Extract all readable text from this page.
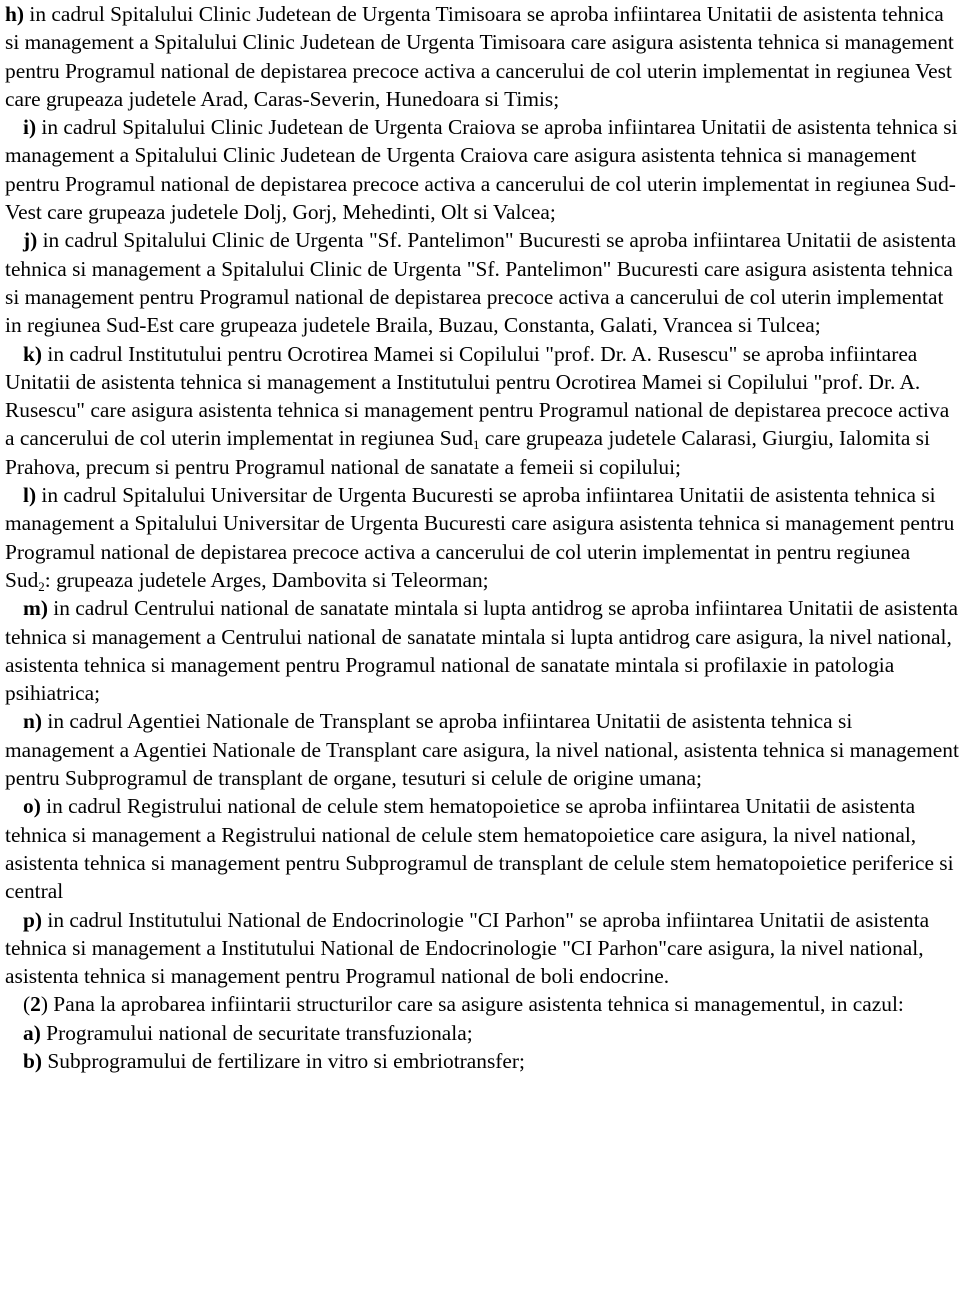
h) in cadrul Spitalului Clinic Judetean de Urgenta Timisoara se aproba infiintarea Unitatii de asistenta tehnica si management a Spitalului Clinic Judetean de Urgenta Timisoara care asigura asistenta tehnica si management pentru Programul national de depistarea precoce activa a cancerului de col uterin implementat in regiunea Vest care grupeaza judetele Arad, Caras-Severin, Hunedoara si Timis;

i) in cadrul Spitalului Clinic Judetean de Urgenta Craiova se aproba infiintarea Unitatii de asistenta tehnica si management a Spitalului Clinic Judetean de Urgenta Craiova care asigura asistenta tehnica si management pentru Programul national de depistarea precoce activa a cancerului de col uterin implementat in regiunea Sud-Vest care grupeaza judetele Dolj, Gorj, Mehedinti, Olt si Valcea;

j) in cadrul Spitalului Clinic de Urgenta "Sf. Pantelimon" Bucuresti se aproba infiintarea Unitatii de asistenta tehnica si management a Spitalului Clinic de Urgenta "Sf. Pantelimon" Bucuresti care asigura asistenta tehnica si management pentru Programul national de depistarea precoce activa a cancerului de col uterin implementat in regiunea Sud-Est care grupeaza judetele Braila, Buzau, Constanta, Galati, Vrancea si Tulcea;

k) in cadrul Institutului pentru Ocrotirea Mamei si Copilului "prof. Dr. A. Rusescu" se aproba infiintarea Unitatii de asistenta tehnica si management a Institutului pentru Ocrotirea Mamei si Copilului "prof. Dr. A. Rusescu" care asigura asistenta tehnica si management pentru Programul national de depistarea precoce activa a cancerului de col uterin implementat in regiunea Sud$_1$ care grupeaza judetele Calarasi, Giurgiu, Ialomita si Prahova, precum si pentru Programul national de sanatate a femeii si copilului;

l) in cadrul Spitalului Universitar de Urgenta Bucuresti se aproba infiintarea Unitatii de asistenta tehnica si management a Spitalului Universitar de Urgenta Bucuresti care asigura asistenta tehnica si management pentru Programul national de depistarea precoce activa a cancerului de col uterin implementat in pentru regiunea Sud$_2$: grupeaza judetele Arges, Dambovita si Teleorman;

m) in cadrul Centrului national de sanatate mintala si lupta antidrog se aproba infiintarea Unitatii de asistenta tehnica si management a Centrului national de sanatate mintala si lupta antidrog care asigura, la nivel national, asistenta tehnica si management pentru Programul national de sanatate mintala si profilaxie in patologia psihiatrica;

n) in cadrul Agentiei Nationale de Transplant se aproba infiintarea Unitatii de asistenta tehnica si management a Agentiei Nationale de Transplant care asigura, la nivel national, asistenta tehnica si management pentru Subprogramul de transplant de organe, tesuturi si celule de origine umana;

o) in cadrul Registrului national de celule stem hematopoietice se aproba infiintarea Unitatii de asistenta tehnica si management a Registrului national de celule stem hematopoietice care asigura, la nivel national, asistenta tehnica si management pentru Subprogramul de transplant de celule stem hematopoietice periferice si central

p) in cadrul Institutului National de Endocrinologie "CI Parhon" se aproba infiintarea Unitatii de asistenta tehnica si management a Institutului National de Endocrinologie "CI Parhon"care asigura, la nivel national, asistenta tehnica si management pentru Programul national de boli endocrine.

(2) Pana la aprobarea infiintarii structurilor care sa asigure asistenta tehnica si managementul, in cazul:

a) Programului national de securitate transfuzionala;

b) Subprogramului de fertilizare in vitro si embriotransfer;
